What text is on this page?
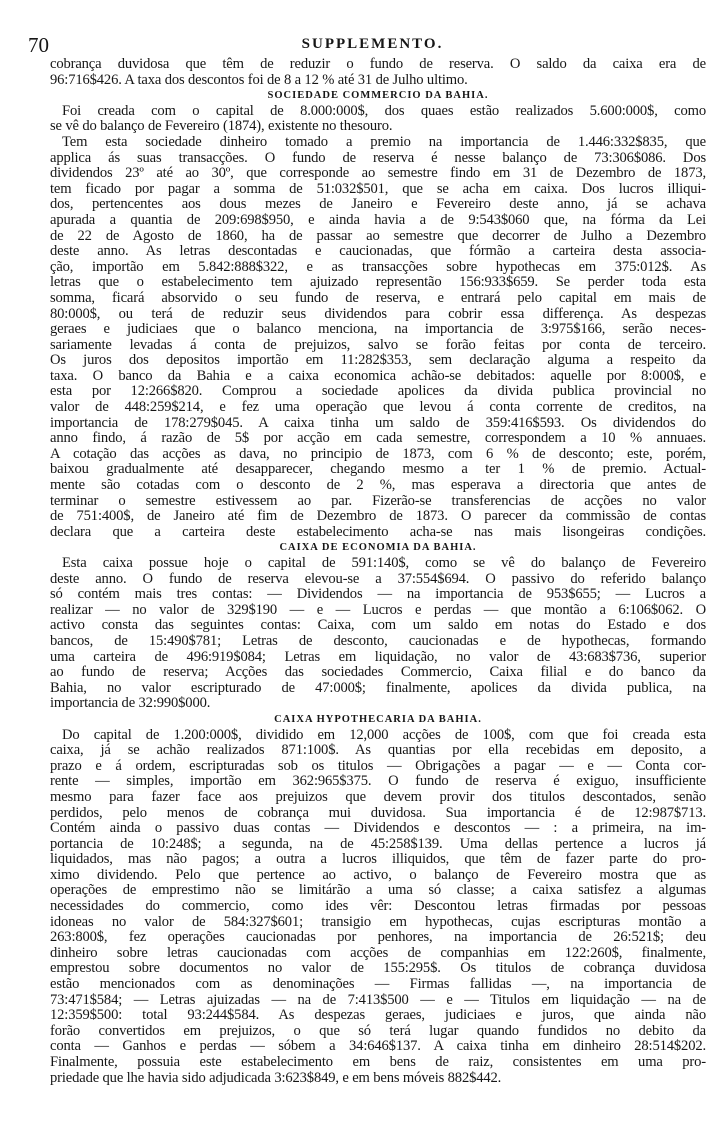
70	SUPPLEMENTO.
cobrança duvidosa que têm de reduzir o fundo de reserva. O saldo da caixa era de
96:716$426. A taxa dos descontos foi de 8 a 12 % até 31 de Julho ultimo.
SOCIEDADE COMMERCIO DA BAHIA.
Foi creada com o capital de 8.000:000$, dos quaes estão realizados 5.600:000$, como
se vê do balanço de Fevereiro (1874), existente no thesouro.
Tem esta sociedade dinheiro tomado a premio na importancia de 1.446:332$835, que
applica ás suas transacções. O fundo de reserva é nesse balanço de 73:306$086. Dos
dividendos 23º até ao 30º, que corresponde ao semestre findo em 31 de Dezembro de 1873,
tem ficado por pagar a somma de 51:032$501, que se acha em caixa. Dos lucros illiqui-
dos, pertencentes aos dous mezes de Janeiro e Fevereiro deste anno, já se achava
apurada a quantia de 209:698$950, e ainda havia a de 9:543$060 que, na fórma da Lei
de 22 de Agosto de 1860, ha de passar ao semestre que decorrer de Julho a Dezembro
deste anno. As letras descontadas e caucionadas, que fórmão a carteira desta associa-
ção, importão em 5.842:888$322, e as transacções sobre hypothecas em 375:012$. As
letras que o estabelecimento tem ajuizado representão 156:933$659. Se perder toda esta
somma, ficará absorvido o seu fundo de reserva, e entrará pelo capital em mais de
80:000$, ou terá de reduzir seus dividendos para cobrir essa differença. As despezas
geraes e judiciaes que o balanco menciona, na importancia de 3:975$166, serão neces-
sariamente levadas á conta de prejuizos, salvo se forão feitas por conta de terceiro.
Os juros dos depositos importão em 11:282$353, sem declaração alguma a respeito da
taxa. O banco da Bahia e a caixa economica achão-se debitados: aquelle por 8:000$, e
esta por 12:266$820. Comprou a sociedade apolices da divida publica provincial no
valor de 448:259$214, e fez uma operação que levou á conta corrente de creditos, na
importancia de 178:279$045. A caixa tinha um saldo de 359:416$593. Os dividendos do
anno findo, á razão de 5$ por acção em cada semestre, correspondem a 10 % annuaes.
A cotação das acções as dava, no principio de 1873, com 6 % de desconto; este, porém,
baixou gradualmente até desapparecer, chegando mesmo a ter 1 % de premio. Actual-
mente são cotadas com o desconto de 2 %, mas esperava a directoria que antes de
terminar o semestre estivessem ao par. Fizerão-se transferencias de acções no valor
de 751:400$, de Janeiro até fim de Dezembro de 1873. O parecer da commissão de contas
declara que a carteira deste estabelecimento acha-se nas mais lisongeiras condições.
CAIXA DE ECONOMIA DA BAHIA.
Esta caixa possue hoje o capital de 591:140$, como se vê do balanço de Fevereiro
deste anno. O fundo de reserva elevou-se a 37:554$694. O passivo do referido balanço
só contém mais tres contas: — Dividendos — na importancia de 953$655; — Lucros a
realizar — no valor de 329$190 — e — Lucros e perdas — que montão a 6:106$062. O
activo consta das seguintes contas: Caixa, com um saldo em notas do Estado e dos
bancos, de 15:490$781; Letras de desconto, caucionadas e de hypothecas, formando
uma carteira de 496:919$084; Letras em liquidação, no valor de 43:683$736, superior
ao fundo de reserva; Acções das sociedades Commercio, Caixa filial e do banco da
Bahia, no valor escripturado de 47:000$; finalmente, apolices da divida publica, na
importancia de 32:990$000.
CAIXA HYPOTHECARIA DA BAHIA.
Do capital de 1.200:000$, dividido em 12,000 acções de 100$, com que foi creada esta
caixa, já se achão realizados 871:100$. As quantias por ella recebidas em deposito, a
prazo e á ordem, escripturadas sob os titulos — Obrigações a pagar — e — Conta cor-
rente — simples, importão em 362:965$375. O fundo de reserva é exiguo, insufficiente
mesmo para fazer face aos prejuizos que devem provir dos titulos descontados, senão
perdidos, pelo menos de cobrança mui duvidosa. Sua importancia é de 12:987$713.
Contém ainda o passivo duas contas — Dividendos e descontos — : a primeira, na im-
portancia de 10:248$; a segunda, na de 45:258$139. Uma dellas pertence a lucros já
liquidados, mas não pagos; a outra a lucros illiquidos, que têm de fazer parte do pro-
ximo dividendo. Pelo que pertence ao activo, o balanço de Fevereiro mostra que as
operações de emprestimo não se limitárão a uma só classe; a caixa satisfez a algumas
necessidades do commercio, como ides vêr: Descontou letras firmadas por pessoas
idoneas no valor de 584:327$601; transigio em hypothecas, cujas escripturas montão a
263:800$, fez operações caucionadas por penhores, na importancia de 26:521$; deu
dinheiro sobre letras caucionadas com acções de companhias em 122:260$, finalmente,
emprestou sobre documentos no valor de 155:295$. Os titulos de cobrança duvidosa
estão mencionados com as denominações — Firmas fallidas —, na importancia de
73:471$584; — Letras ajuizadas — na de 7:413$500 — e — Titulos em liquidação — na de
12:359$500: total 93:244$584. As despezas geraes, judiciaes e juros, que ainda não
forão convertidos em prejuizos, o que só terá lugar quando fundidos no debito da
conta — Ganhos e perdas — sóbem a 34:646$137. A caixa tinha em dinheiro 28:514$202.
Finalmente, possuia este estabelecimento em bens de raiz, consistentes em uma pro-
priedade que lhe havia sido adjudicada 3:623$849, e em bens móveis 882$442.
